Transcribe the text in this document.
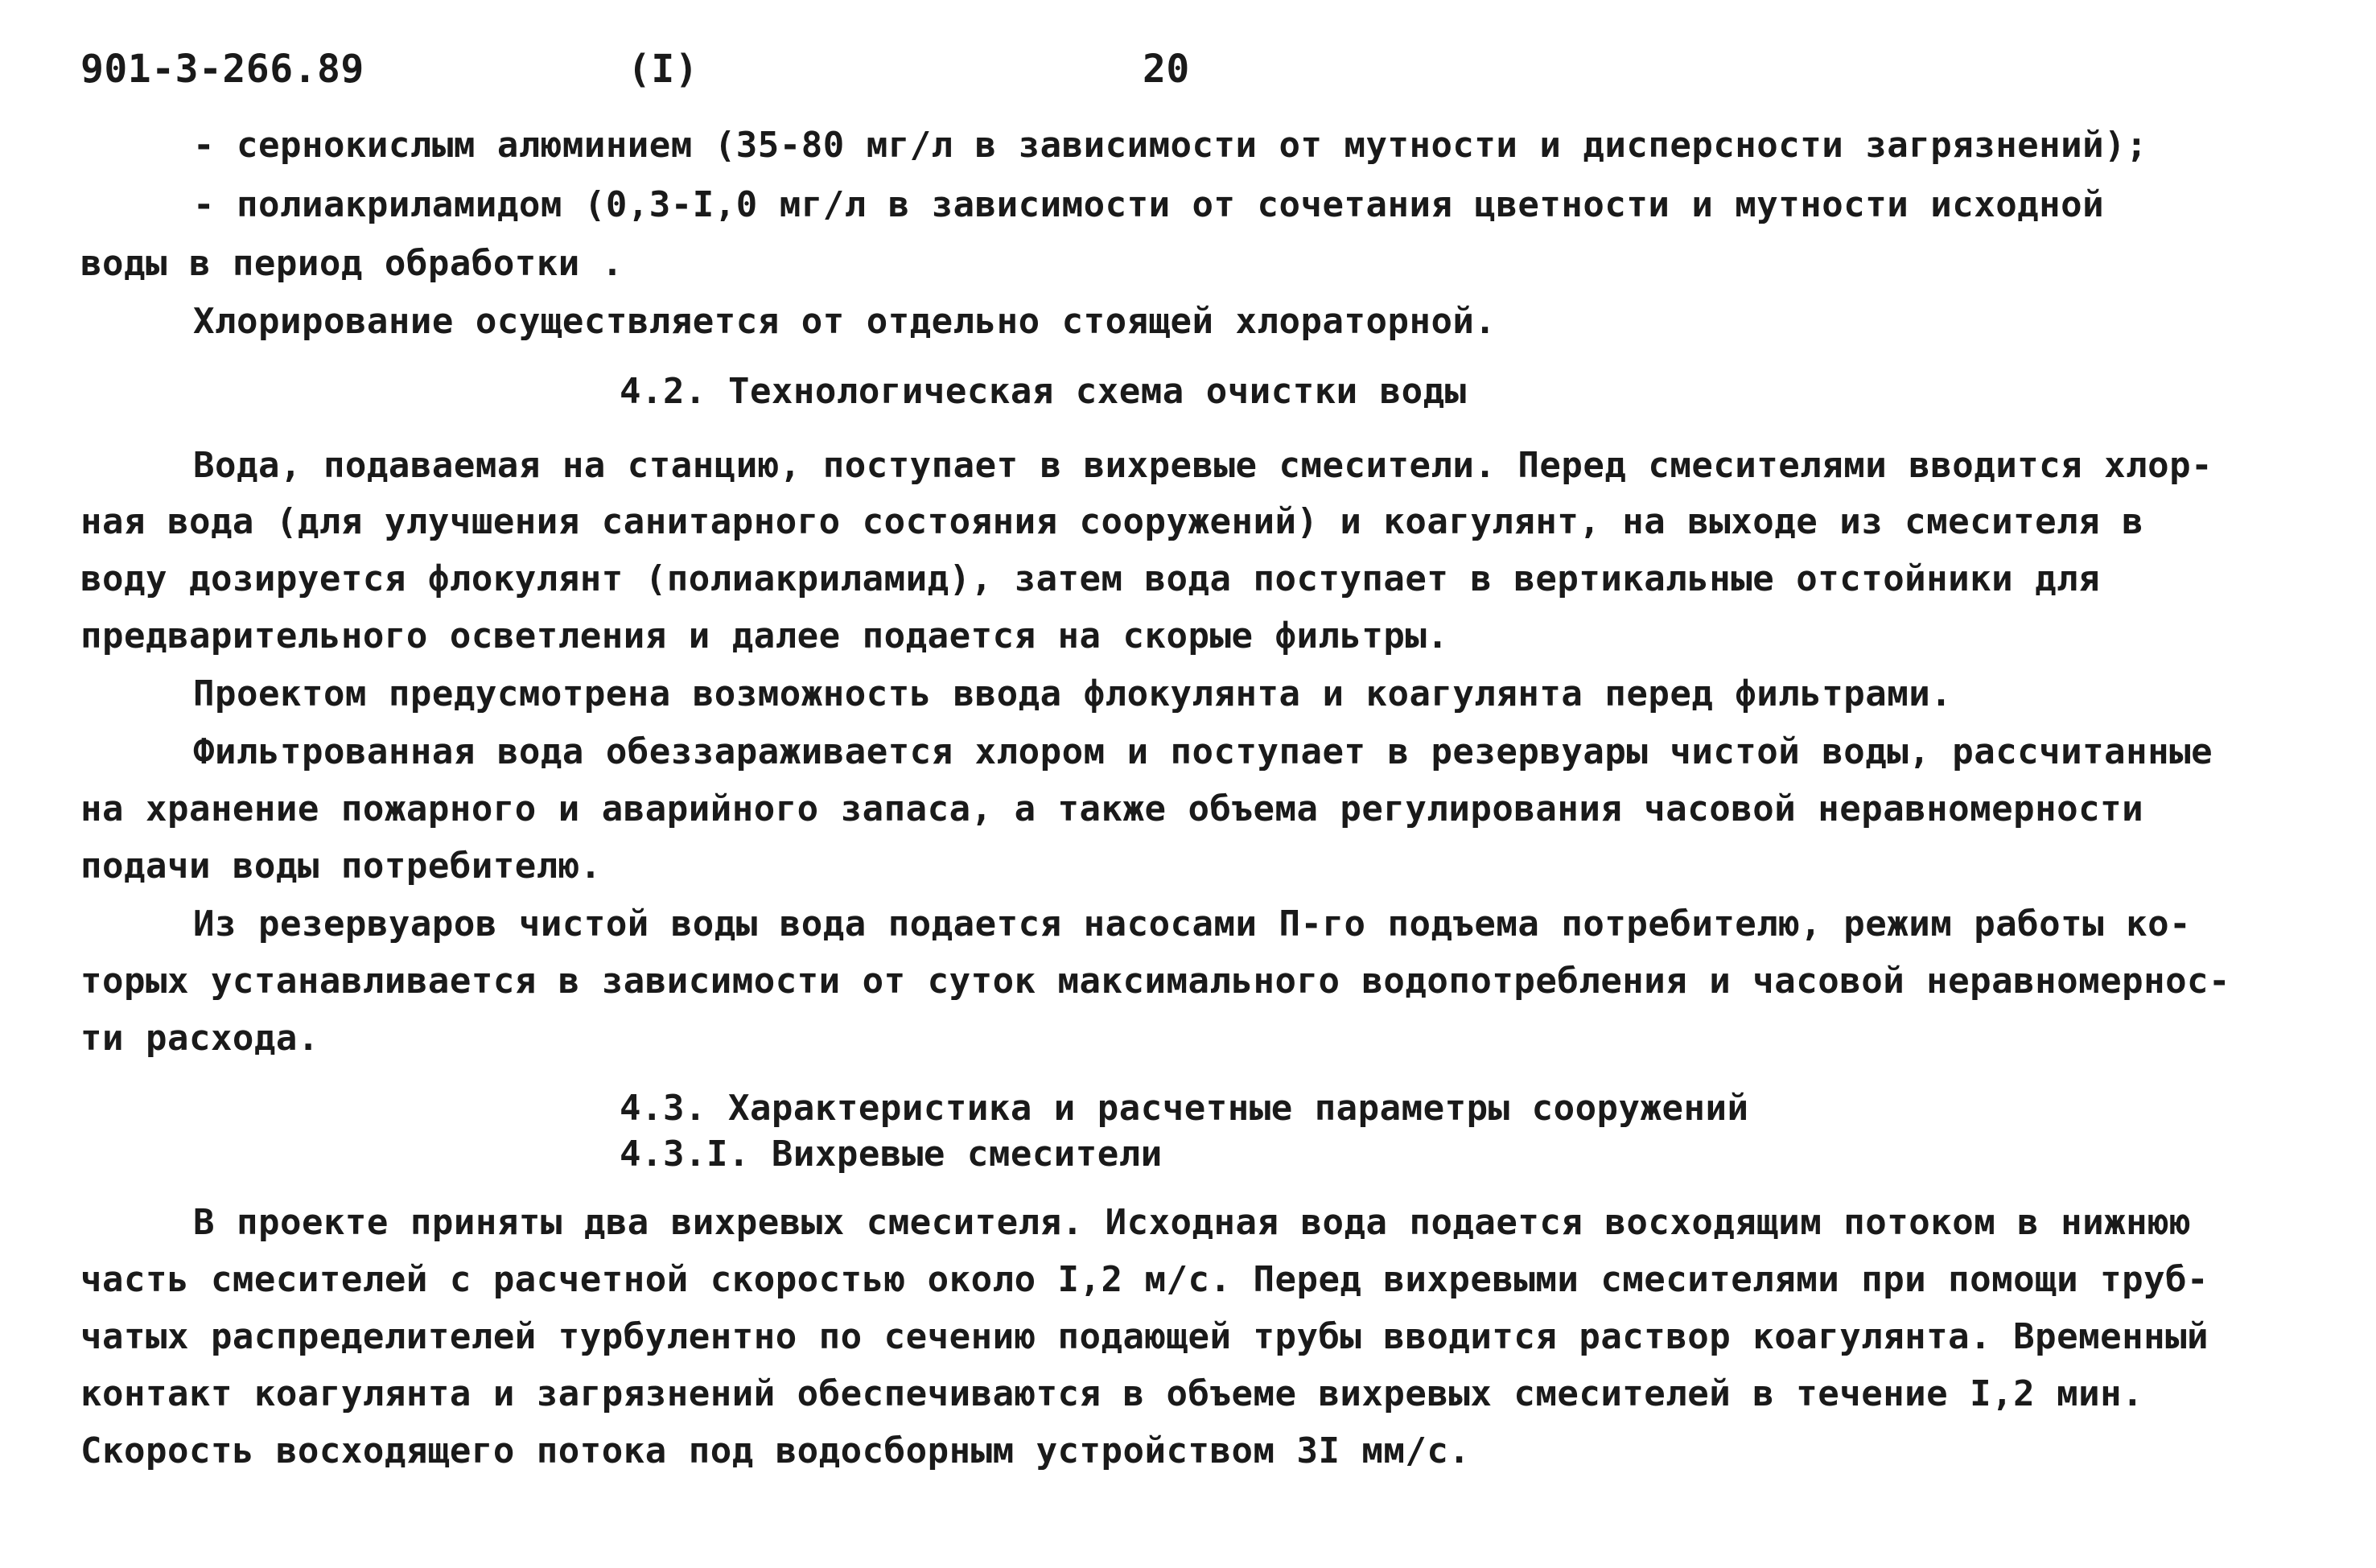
901-3-266.89	(I)	20
- сернокислым алюминием (35-80 мг/л в зависимости от мутности и дисперсности загрязнений);
- полиакриламидом (0,3-I,0 мг/л в зависимости от сочетания цветности и мутности исходной
воды в период обработки .
Хлорирование осуществляется от отдельно стоящей хлораторной.
4.2. Технологическая схема очистки воды
Вода, подаваемая на станцию, поступает в вихревые смесители. Перед смесителями вводится хлор-
ная вода (для улучшения санитарного состояния сооружений) и коагулянт, на выходе из смесителя в
воду дозируется флокулянт (полиакриламид), затем вода поступает в вертикальные отстойники для
предварительного осветления и далее подается на скорые фильтры.
Проектом предусмотрена возможность ввода флокулянта и коагулянта перед фильтрами.
Фильтрованная вода обеззараживается хлором и поступает в резервуары чистой воды, рассчитанные
на хранение пожарного и аварийного запаса, а также объема регулирования часовой неравномерности
подачи воды потребителю.
Из резервуаров чистой воды вода подается насосами П-го подъема потребителю, режим работы ко-
торых устанавливается в зависимости от суток максимального водопотребления и часовой неравномернос-
ти расхода.
4.3. Характеристика и расчетные параметры сооружений
4.3.I. Вихревые смесители
В проекте приняты два вихревых смесителя. Исходная вода подается восходящим потоком в нижнюю
часть смесителей с расчетной скоростью около I,2 м/с. Перед вихревыми смесителями при помощи труб-
чатых распределителей турбулентно по сечению подающей трубы вводится раствор коагулянта. Временный
контакт коагулянта и загрязнений обеспечиваются в объеме вихревых смесителей в течение I,2 мин.
Скорость восходящего потока под водосборным устройством 3I мм/с.
